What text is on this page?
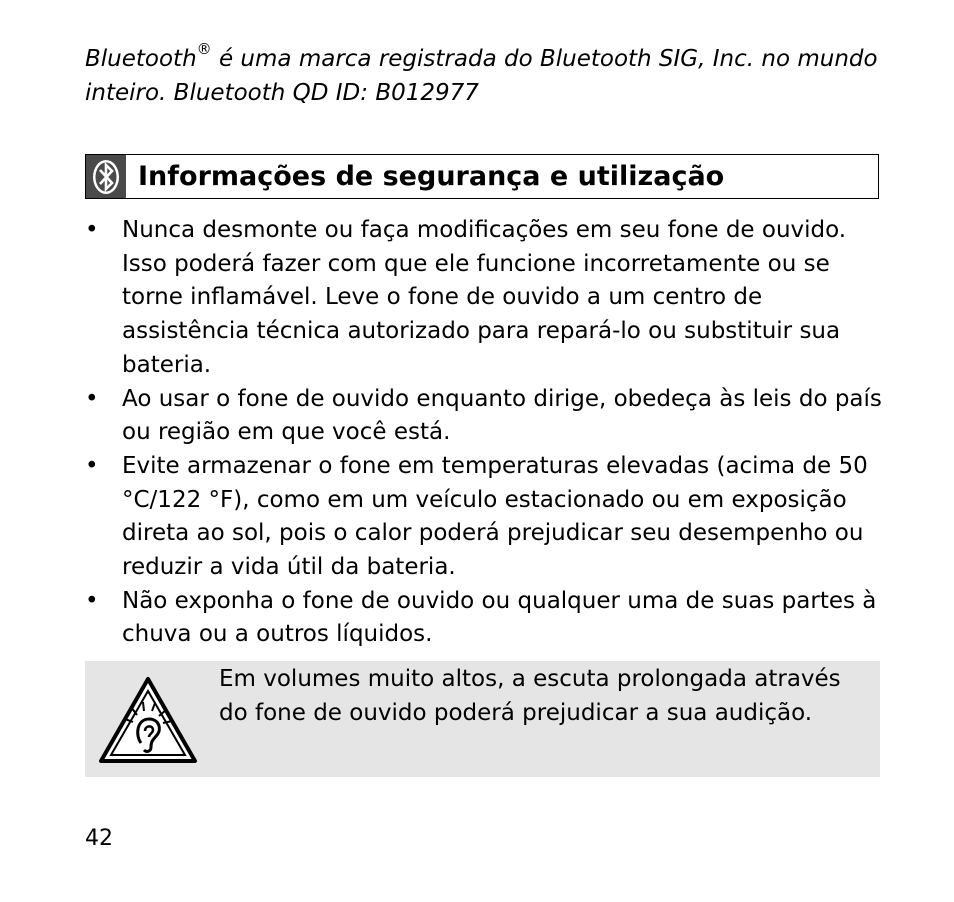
Bluetooth® é uma marca registrada do Bluetooth SIG, Inc. no mundo inteiro. Bluetooth QD ID: B012977
Informações de segurança e utilização
• Nunca desmonte ou faça modificações em seu fone de ouvido. Isso poderá fazer com que ele funcione incorretamente ou se torne inflamável. Leve o fone de ouvido a um centro de assistência técnica autorizado para repará-lo ou substituir sua bateria.
• Ao usar o fone de ouvido enquanto dirige, obedeça às leis do país ou região em que você está.
• Evite armazenar o fone em temperaturas elevadas (acima de 50 °C/122 °F), como em um veículo estacionado ou em exposição direta ao sol, pois o calor poderá prejudicar seu desempenho ou reduzir a vida útil da bateria.
• Não exponha o fone de ouvido ou qualquer uma de suas partes à chuva ou a outros líquidos.
Em volumes muito altos, a escuta prolongada através do fone de ouvido poderá prejudicar a sua audição.
42
